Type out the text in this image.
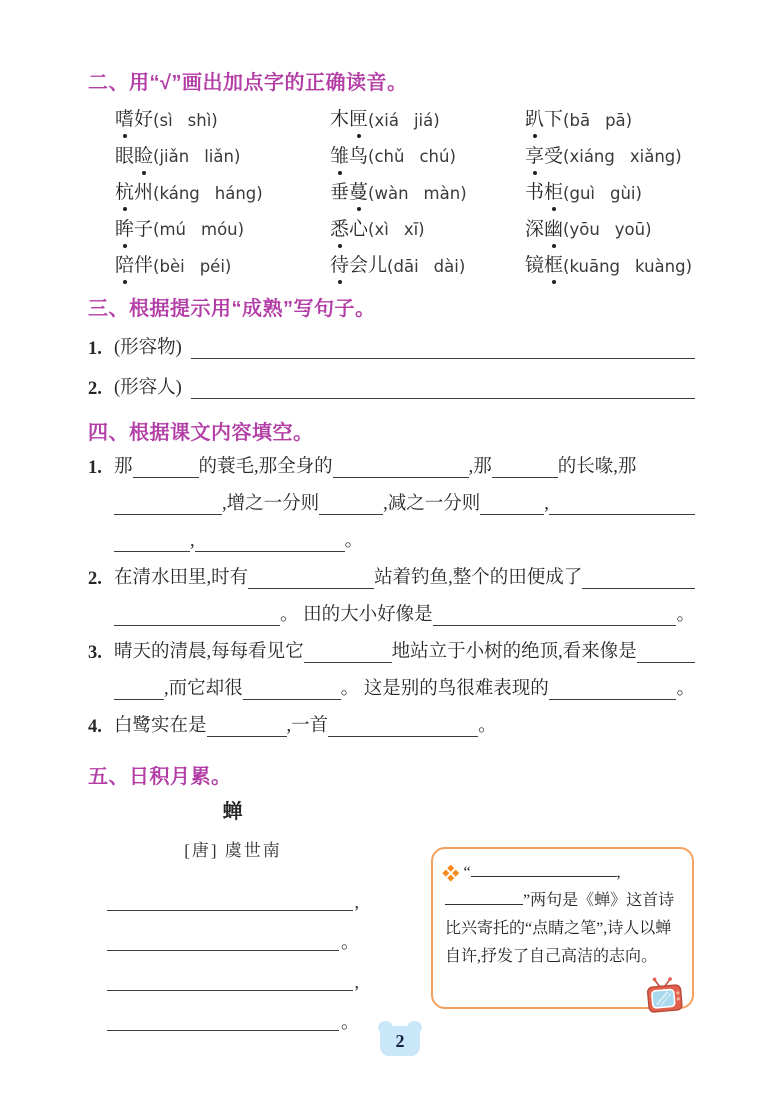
二、用“√”画出加点字的正确读音。
嗜好 (sì shì)	木匣 (xiá jiá)	趴下 (bā pā)
眼睑 (jiǎn liǎn)	雏鸟 (chǔ chú)	享受 (xiáng xiǎng)
杭州 (káng háng)	垂蔓 (wàn màn)	书柜 (guì gùi)
眸子 (mú móu)	悉心 (xì xī)	深幽 (yōu yoū)
陪伴 (bèi péi)	待会儿 (dāi dài)	镜框 (kuāng kuàng)
三、根据提示用“成熟”写句子。
1. (形容物)
2. (形容人)
四、根据课文内容填空。
1. 那	的蓑毛,那全身的	,那	的长喙,那
,增之一分则	,减之一分则	,
,	。
2. 在清水田里,时有	站着钓鱼,整个的田便成了
。 田的大小好像是	。
3. 晴天的清晨,每每看见它	地站立于小树的绝顶,看来像是
,而它却很	。 这是别的鸟很难表现的	。
4. 白鹭实在是	,一首	。
五、日积月累。
蝉
[唐] 虞世南
,
。
,
。
“	,”两句是《蝉》这首诗比兴寄托的“点睛之笔”,诗人以蝉自许,抒发了自己高洁的志向。
2
